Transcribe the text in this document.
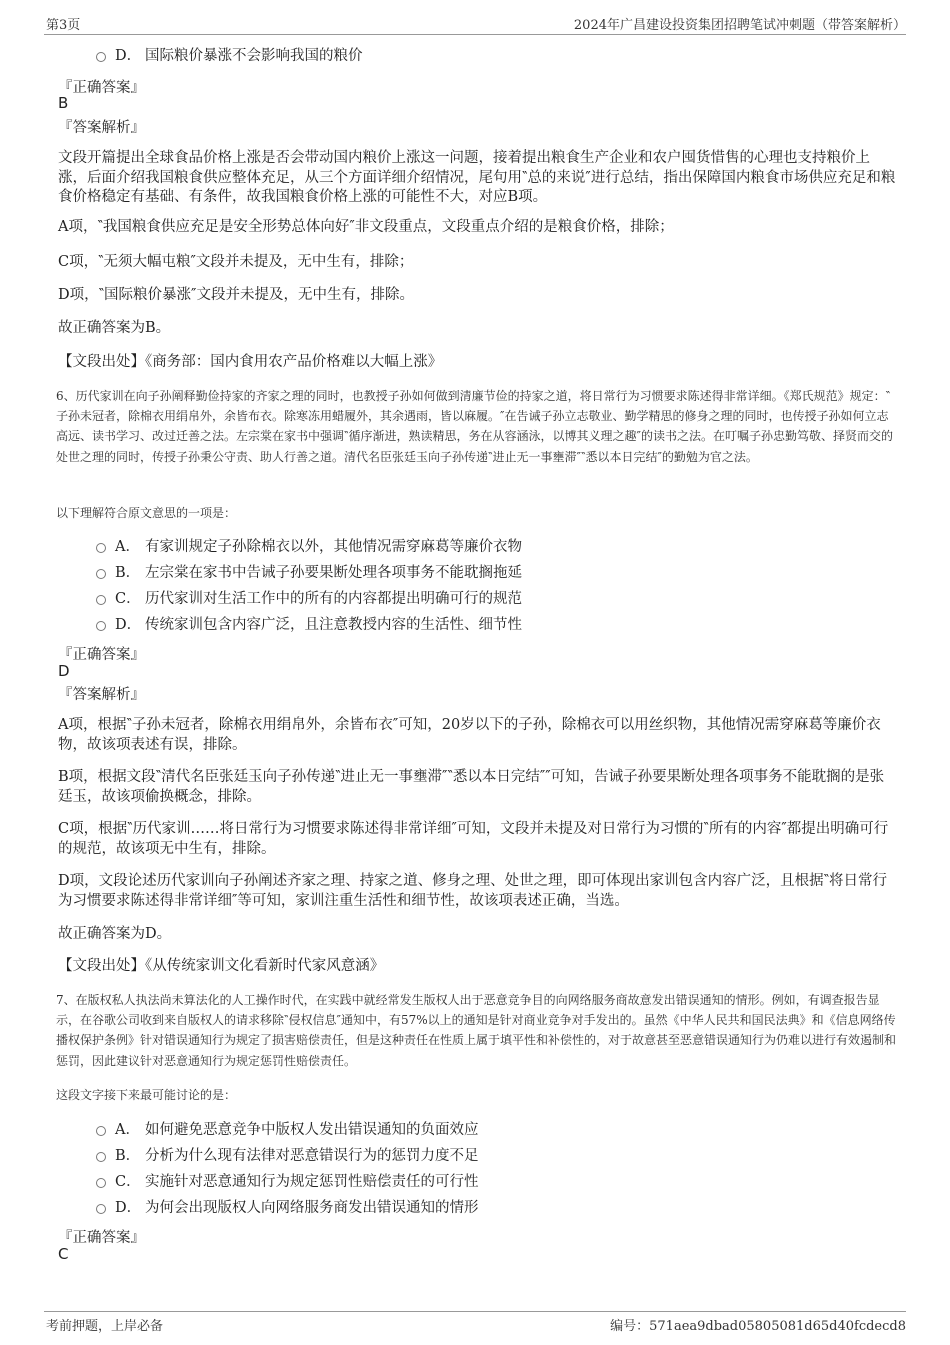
第3页	2024年广昌建设投资集团招聘笔试冲刺题（带答案解析）
D． 国际粮价暴涨不会影响我国的粮价
『正确答案』
B
『答案解析』
文段开篇提出全球食品价格上涨是否会带动国内粮价上涨这一问题，接着提出粮食生产企业和农户囤货惜售的心理也支持粮价上涨，后面介绍我国粮食供应整体充足，从三个方面详细介绍情况，尾句用‶总的来说″进行总结，指出保障国内粮食市场供应充足和粮食价格稳定有基础、有条件，故我国粮食价格上涨的可能性不大，对应B项。
A项，‶我国粮食供应充足是安全形势总体向好″非文段重点，文段重点介绍的是粮食价格，排除；
C项，‶无须大幅屯粮″文段并未提及，无中生有，排除；
D项，‶国际粮价暴涨″文段并未提及，无中生有，排除。
故正确答案为B。
【文段出处】《商务部：国内食用农产品价格难以大幅上涨》
6、历代家训在向子孙阐释勤俭持家的齐家之理的同时，也教授子孙如何做到清廉节俭的持家之道，将日常行为习惯要求陈述得非常详细。《郑氏规范》规定：‶子孙未冠者，除棉衣用绢帛外，余皆布衣。除寒冻用蜡履外，其余遇雨，皆以麻履。″在告诫子孙立志敬业、勤学精思的修身之理的同时，也传授子孙如何立志高远、读书学习、改过迁善之法。左宗棠在家书中强调‶循序渐进，熟读精思，务在从容涵泳，以博其义理之趣″的读书之法。在叮嘱子孙忠勤笃敬、择贤而交的处世之理的同时，传授子孙秉公守责、助人行善之道。清代名臣张廷玉向子孙传递‶进止无一事壅滞″‶悉以本日完结″的勤勉为官之法。
以下理解符合原文意思的一项是：
A． 有家训规定子孙除棉衣以外，其他情况需穿麻葛等廉价衣物
B． 左宗棠在家书中告诫子孙要果断处理各项事务不能耽搁拖延
C． 历代家训对生活工作中的所有的内容都提出明确可行的规范
D． 传统家训包含内容广泛，且注意教授内容的生活性、细节性
『正确答案』
D
『答案解析』
A项，根据‶子孙未冠者，除棉衣用绢帛外，余皆布衣″可知，20岁以下的子孙，除棉衣可以用丝织物，其他情况需穿麻葛等廉价衣物，故该项表述有误，排除。
B项，根据文段‶清代名臣张廷玉向子孙传递‶进止无一事壅滞″‶悉以本日完结″″可知，告诫子孙要果断处理各项事务不能耽搁的是张廷玉，故该项偷换概念，排除。
C项，根据‶历代家训……将日常行为习惯要求陈述得非常详细″可知，文段并未提及对日常行为习惯的‶所有的内容″都提出明确可行的规范，故该项无中生有，排除。
D项，文段论述历代家训向子孙阐述齐家之理、持家之道、修身之理、处世之理，即可体现出家训包含内容广泛，且根据‶将日常行为习惯要求陈述得非常详细″等可知，家训注重生活性和细节性，故该项表述正确，当选。
故正确答案为D。
【文段出处】《从传统家训文化看新时代家风意涵》
7、在版权私人执法尚未算法化的人工操作时代，在实践中就经常发生版权人出于恶意竞争目的向网络服务商故意发出错误通知的情形。例如，有调查报告显示，在谷歌公司收到来自版权人的请求移除‶侵权信息″通知中，有57%以上的通知是针对商业竞争对手发出的。虽然《中华人民共和国民法典》和《信息网络传播权保护条例》针对错误通知行为规定了损害赔偿责任，但是这种责任在性质上属于填平性和补偿性的，对于故意甚至恶意错误通知行为仍难以进行有效遏制和惩罚，因此建议针对恶意通知行为规定惩罚性赔偿责任。
这段文字接下来最可能讨论的是：
A． 如何避免恶意竞争中版权人发出错误通知的负面效应
B． 分析为什么现有法律对恶意错误行为的惩罚力度不足
C． 实施针对恶意通知行为规定惩罚性赔偿责任的可行性
D． 为何会出现版权人向网络服务商发出错误通知的情形
『正确答案』
C
考前押题，上岸必备	编号：571aea9dbad05805081d65d40fcdecd8
